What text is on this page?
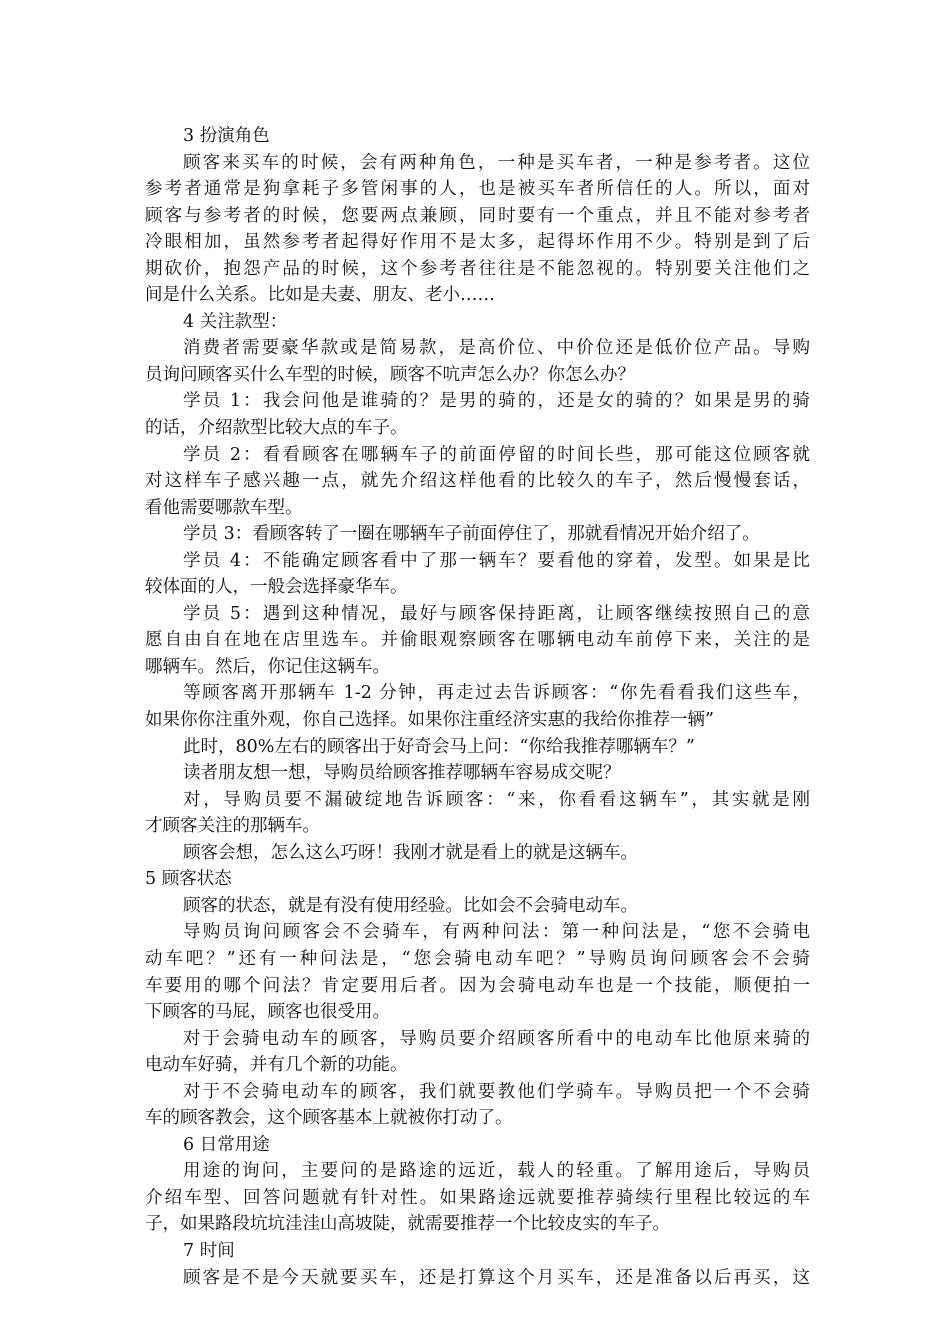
3 扮演角色
顾客来买车的时候，会有两种角色，一种是买车者，一种是参考者。这位
参考者通常是狗拿耗子多管闲事的人，也是被买车者所信任的人。所以，面对
顾客与参考者的时候，您要两点兼顾，同时要有一个重点，并且不能对参考者
冷眼相加，虽然参考者起得好作用不是太多，起得坏作用不少。特别是到了后
期砍价，抱怨产品的时候，这个参考者往往是不能忽视的。特别要关注他们之
间是什么关系。比如是夫妻、朋友、老小……
4 关注款型：
消费者需要豪华款或是简易款，是高价位、中价位还是低价位产品。导购
员询问顾客买什么车型的时候，顾客不吭声怎么办？你怎么办？
学员 1：我会问他是谁骑的？是男的骑的，还是女的骑的？如果是男的骑
的话，介绍款型比较大点的车子。
学员 2：看看顾客在哪辆车子的前面停留的时间长些，那可能这位顾客就
对这样车子感兴趣一点，就先介绍这样他看的比较久的车子，然后慢慢套话，
看他需要哪款车型。
学员 3：看顾客转了一圈在哪辆车子前面停住了，那就看情况开始介绍了。
学员 4：不能确定顾客看中了那一辆车？要看他的穿着，发型。如果是比
较体面的人，一般会选择豪华车。
学员 5：遇到这种情况，最好与顾客保持距离，让顾客继续按照自己的意
愿自由自在地在店里选车。并偷眼观察顾客在哪辆电动车前停下来，关注的是
哪辆车。然后，你记住这辆车。
等顾客离开那辆车 1-2 分钟，再走过去告诉顾客：“你先看看我们这些车，
如果你你注重外观，你自己选择。如果你注重经济实惠的我给你推荐一辆”
此时，80%左右的顾客出于好奇会马上问：“你给我推荐哪辆车？”
读者朋友想一想，导购员给顾客推荐哪辆车容易成交呢？
对，导购员要不漏破绽地告诉顾客：“来，你看看这辆车”，其实就是刚
才顾客关注的那辆车。
顾客会想，怎么这么巧呀！我刚才就是看上的就是这辆车。
5 顾客状态
顾客的状态，就是有没有使用经验。比如会不会骑电动车。
导购员询问顾客会不会骑车，有两种问法：第一种问法是，“您不会骑电
动车吧？”还有一种问法是，“您会骑电动车吧？”导购员询问顾客会不会骑
车要用的哪个问法？肯定要用后者。因为会骑电动车也是一个技能，顺便拍一
下顾客的马屁，顾客也很受用。
对于会骑电动车的顾客，导购员要介绍顾客所看中的电动车比他原来骑的
电动车好骑，并有几个新的功能。
对于不会骑电动车的顾客，我们就要教他们学骑车。导购员把一个不会骑
车的顾客教会，这个顾客基本上就被你打动了。
6 日常用途
用途的询问，主要问的是路途的远近，载人的轻重。了解用途后，导购员
介绍车型、回答问题就有针对性。如果路途远就要推荐骑续行里程比较远的车
子，如果路段坑坑洼洼山高坡陡，就需要推荐一个比较皮实的车子。
7 时间
顾客是不是今天就要买车，还是打算这个月买车，还是准备以后再买，这
